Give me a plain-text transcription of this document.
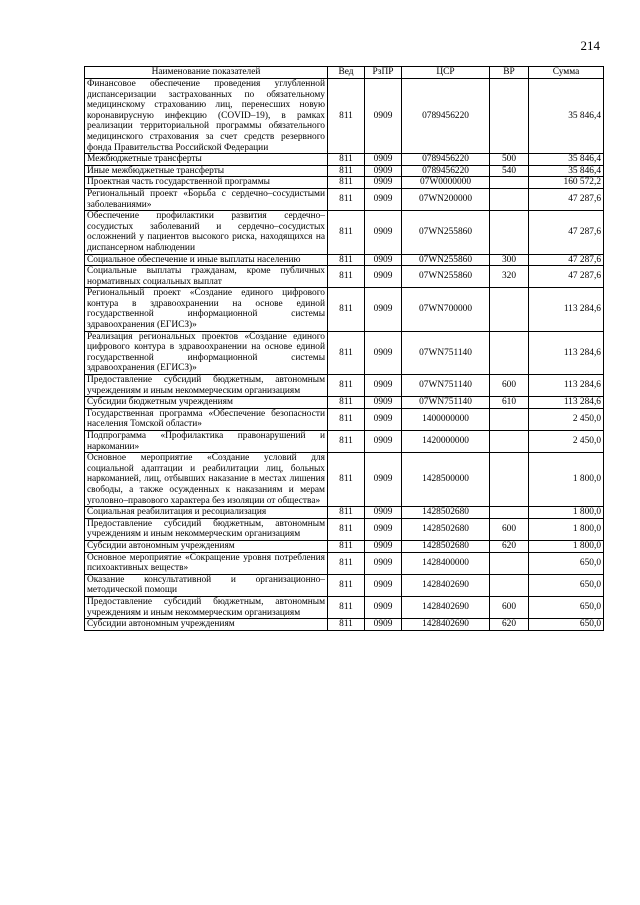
214
Наименование показателей	Вед	РзПР	ЦСР	ВР	Сумма
Финансовое обеспечение проведения углубленной диспансеризации застрахованных по обязательному медицинскому страхованию лиц, перенесших новую коронавирусную инфекцию (COVID–19), в рамках реализации территориальной программы обязательного медицинского страхования за счет средств резервного фонда Правительства Российской Федерации	811	0909	0789456220		35 846,4
Межбюджетные трансферты	811	0909	0789456220	500	35 846,4
Иные межбюджетные трансферты	811	0909	0789456220	540	35 846,4
Проектная часть государственной программы	811	0909	07W0000000		160 572,2
Региональный проект «Борьба с сердечно–сосудистыми заболеваниями»	811	0909	07WN200000		47 287,6
Обеспечение профилактики развития сердечно–сосудистых заболеваний и сердечно–сосудистых осложнений у пациентов высокого риска, находящихся на диспансерном наблюдении	811	0909	07WN255860		47 287,6
Социальное обеспечение и иные выплаты населению	811	0909	07WN255860	300	47 287,6
Социальные выплаты гражданам, кроме публичных нормативных социальных выплат	811	0909	07WN255860	320	47 287,6
Региональный проект «Создание единого цифрового контура в здравоохранении на основе единой государственной информационной системы здравоохранения (ЕГИСЗ)»	811	0909	07WN700000		113 284,6
Реализация региональных проектов «Создание единого цифрового контура в здравоохранении на основе единой государственной информационной системы здравоохранения (ЕГИСЗ)»	811	0909	07WN751140		113 284,6
Предоставление субсидий бюджетным, автономным учреждениям и иным некоммерческим организациям	811	0909	07WN751140	600	113 284,6
Субсидии бюджетным учреждениям	811	0909	07WN751140	610	113 284,6
Государственная программа «Обеспечение безопасности населения Томской области»	811	0909	1400000000		2 450,0
Подпрограмма «Профилактика правонарушений и наркомании»	811	0909	1420000000		2 450,0
Основное мероприятие «Создание условий для социальной адаптации и реабилитации лиц, больных наркоманией, лиц, отбывших наказание в местах лишения свободы, а также осужденных к наказаниям и мерам уголовно–правового характера без изоляции от общества»	811	0909	1428500000		1 800,0
Социальная реабилитация и ресоциализация	811	0909	1428502680		1 800,0
Предоставление субсидий бюджетным, автономным учреждениям и иным некоммерческим организациям	811	0909	1428502680	600	1 800,0
Субсидии автономным учреждениям	811	0909	1428502680	620	1 800,0
Основное мероприятие «Сокращение уровня потребления психоактивных веществ»	811	0909	1428400000		650,0
Оказание консультативной и организационно–методической помощи	811	0909	1428402690		650,0
Предоставление субсидий бюджетным, автономным учреждениям и иным некоммерческим организациям	811	0909	1428402690	600	650,0
Субсидии автономным учреждениям	811	0909	1428402690	620	650,0
